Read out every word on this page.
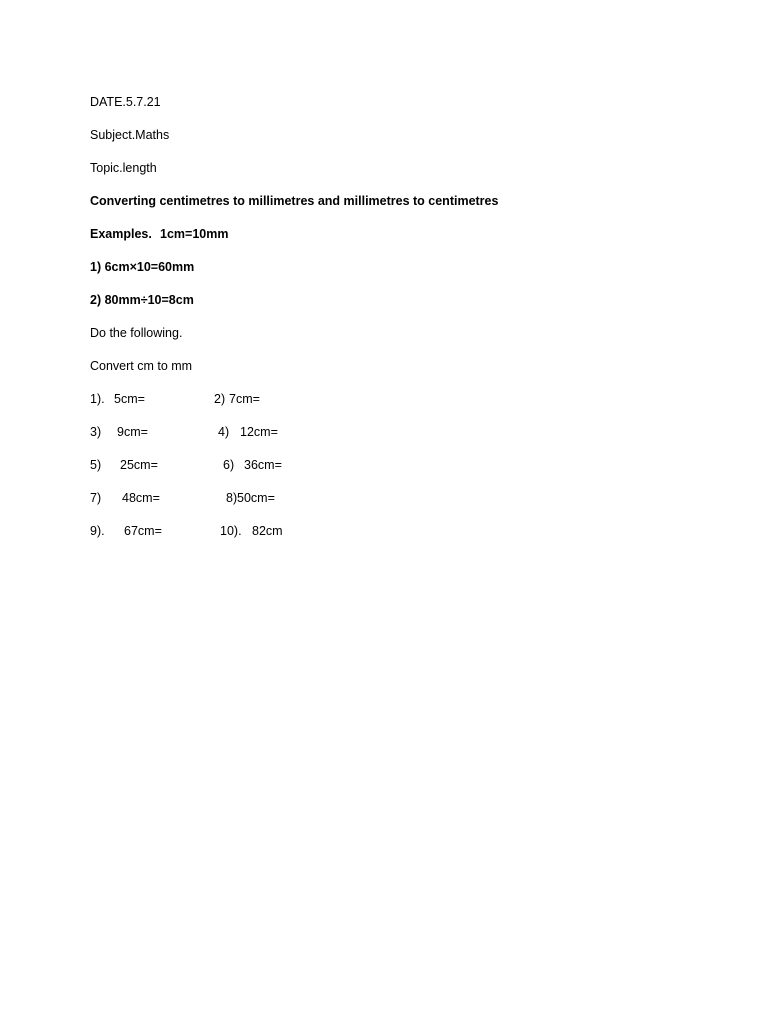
DATE.5.7.21
Subject.Maths
Topic.length
Converting centimetres to millimetres and millimetres to centimetres
Examples. 1cm=10mm
1) 6cm×10=60mm
2) 80mm÷10=8cm
Do the following.
Convert cm to mm
1). 5cm=	2) 7cm=
3) 9cm=	4) 12cm=
5) 25cm=	6) 36cm=
7) 48cm=	8) 50cm=
9). 67cm=	10). 82cm
